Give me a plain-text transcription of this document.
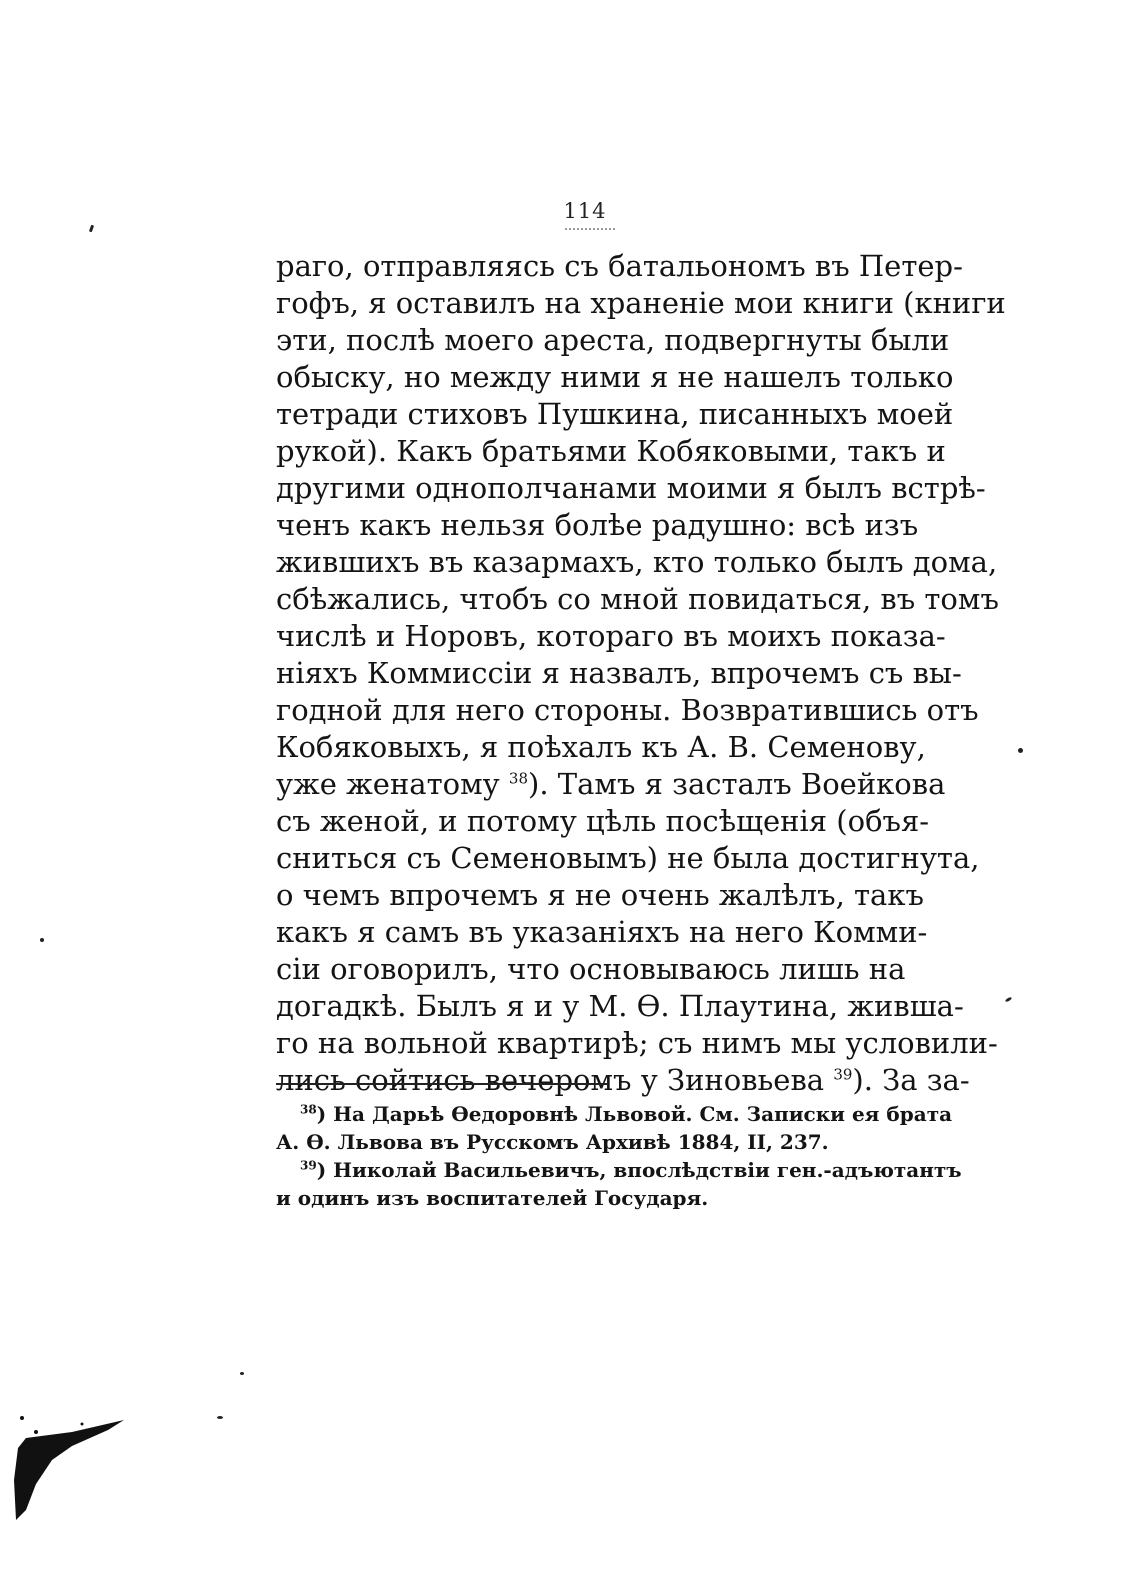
114
раго, отправляясь съ батальономъ въ Петер-
гофъ, я оставилъ на храненіе мои книги (книги
эти, послѣ моего ареста, подвергнуты были
обыску, но между ними я не нашелъ только
тетради стиховъ Пушкина, писанныхъ моей
рукой). Какъ братьями Кобяковыми, такъ и
другими однополчанами моими я былъ встрѣ-
ченъ какъ нельзя болѣе радушно: всѣ изъ
жившихъ въ казармахъ, кто только былъ дома,
сбѣжались, чтобъ со мной повидаться, въ томъ
числѣ и Норовъ, котораго въ моихъ показа-
ніяхъ Коммиссіи я назвалъ, впрочемъ съ вы-
годной для него стороны. Возвратившись отъ
Кобяковыхъ, я поѣхалъ къ А. В. Семенову,
уже женатому $^{38}$). Тамъ я засталъ Воейкова
съ женой, и потому цѣль посѣщенія (объя-
сниться съ Семеновымъ) не была достигнута,
о чемъ впрочемъ я не очень жалѣлъ, такъ
какъ я самъ въ указаніяхъ на него Комми-
сіи оговорилъ, что основываюсь лишь на
догадкѣ. Былъ я и у М. Ѳ. Плаутина, живша-
го на вольной квартирѣ; съ нимъ мы условили-
лись сойтись вечеромъ у Зиновьева $^{39}$). За за-
$^{38}$) На Дарьѣ Ѳедоровнѣ Львовой. См. Записки ея брата
А. Ѳ. Львова въ Русскомъ Архивѣ 1884, II, 237.
$^{39}$) Николай Васильевичъ, впослѣдствіи ген.-адъютантъ
и одинъ изъ воспитателей Государя.
